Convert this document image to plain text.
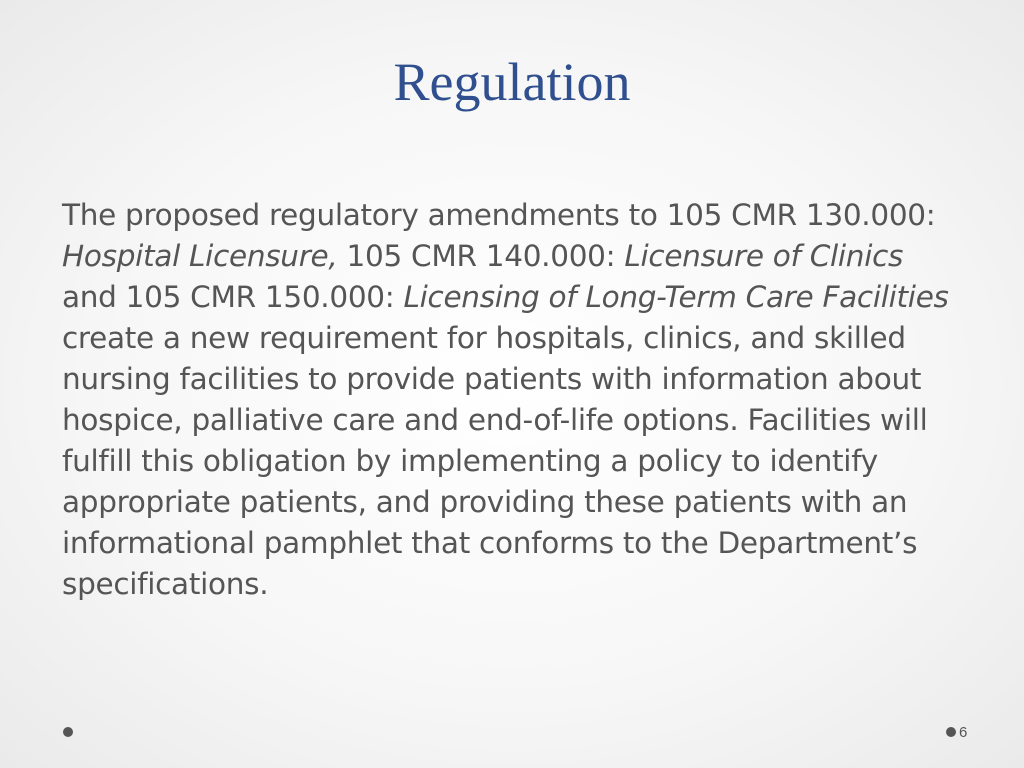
Regulation
The proposed regulatory amendments to 105 CMR 130.000: Hospital Licensure, 105 CMR 140.000: Licensure of Clinics and 105 CMR 150.000: Licensing of Long-Term Care Facilities create a new requirement for hospitals, clinics, and skilled nursing facilities to provide patients with information about hospice, palliative care and end-of-life options. Facilities will fulfill this obligation by implementing a policy to identify appropriate patients, and providing these patients with an informational pamphlet that conforms to the Department’s specifications.
6
